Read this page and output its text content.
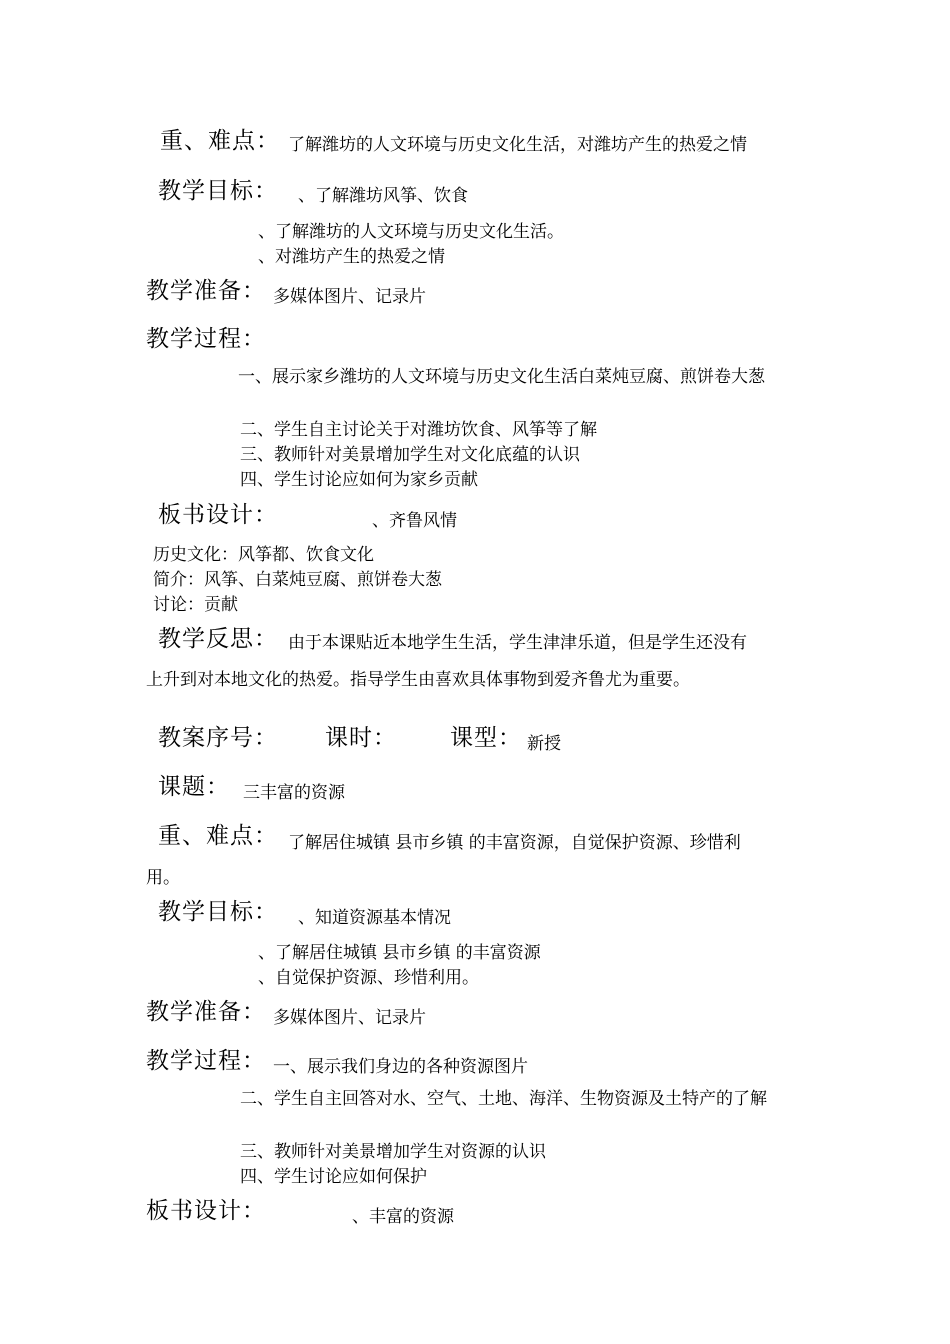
重、难点： 了解潍坊的人文环境与历史文化生活，对潍坊产生的热爱之情
教学目标： 、了解潍坊风筝、饮食
、了解潍坊的人文环境与历史文化生活。
、对潍坊产生的热爱之情
教学准备： 多媒体图片、记录片
教学过程：
一、展示家乡潍坊的人文环境与历史文化生活白菜炖豆腐、煎饼卷大葱
二、学生自主讨论关于对潍坊饮食、风筝等了解
三、教师针对美景增加学生对文化底蕴的认识
四、学生讨论应如何为家乡贡献
板书设计：	、齐鲁风情
历史文化：风筝都、饮食文化
简介：风筝、白菜炖豆腐、煎饼卷大葱
讨论：贡献
教学反思： 由于本课贴近本地学生生活，学生津津乐道，但是学生还没有
上升到对本地文化的热爱。指导学生由喜欢具体事物到爱齐鲁尤为重要。
教案序号： 课时： 课型： 新授
课题： 三丰富的资源
重、难点： 了解居住城镇 县市乡镇 的丰富资源，自觉保护资源、珍惜利
用。
教学目标： 、知道资源基本情况
、了解居住城镇 县市乡镇 的丰富资源
、自觉保护资源、珍惜利用。
教学准备： 多媒体图片、记录片
教学过程： 一、展示我们身边的各种资源图片
二、学生自主回答对水、空气、土地、海洋、生物资源及土特产的了解
三、教师针对美景增加学生对资源的认识
四、学生讨论应如何保护
板书设计：	、丰富的资源
